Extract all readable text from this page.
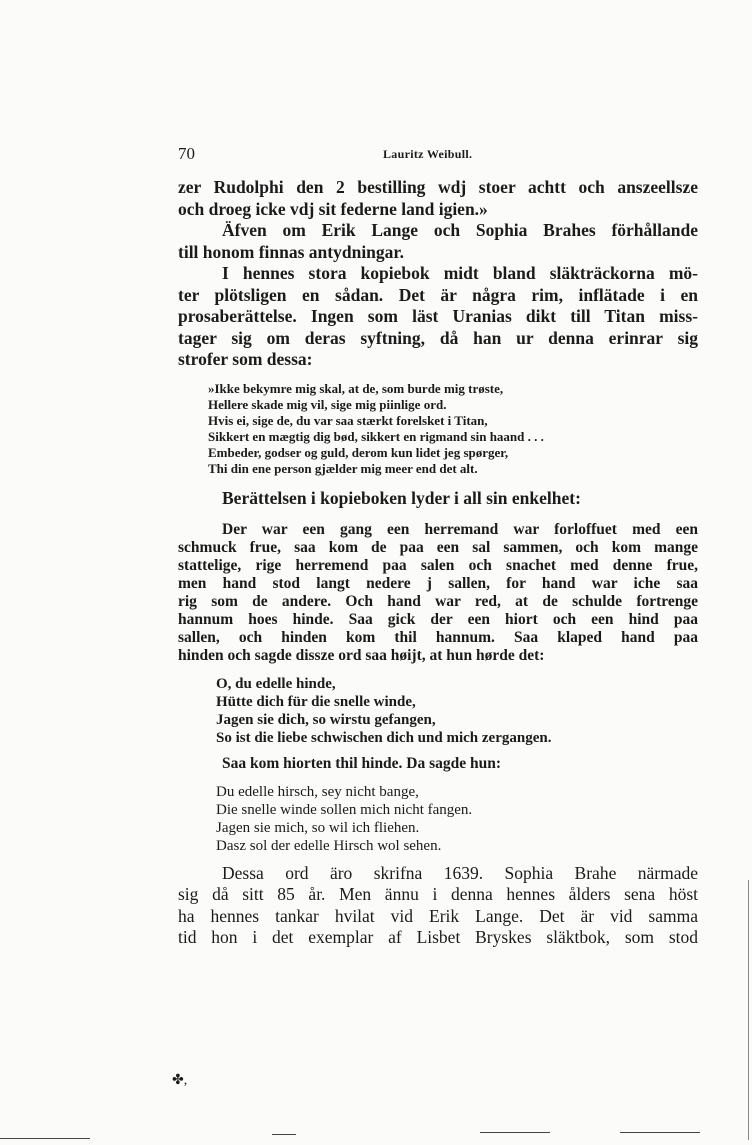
70	Lauritz Weibull.

zer Rudolphi den 2 bestilling wdj stoer achtt och anszeellsze
och droeg icke vdj sit federne land igien.»

Äfven om Erik Lange och Sophia Brahes förhållande
till honom finnas antydningar.

I hennes stora kopiebok midt bland släkträckorna mö-
ter plötsligen en sådan. Det är några rim, inflätade i en
prosaberättelse. Ingen som läst Uranias dikt till Titan miss-
tager sig om deras syftning, då han ur denna erinrar sig
strofer som dessa:

»Ikke bekymre mig skal, at de, som burde mig trøste,
Hellere skade mig vil, sige mig piinlige ord.
Hvis ei, sige de, du var saa stærkt forelsket i Titan,
Sikkert en mægtig dig bød, sikkert en rigmand sin haand . . .
Embeder, godser og guld, derom kun lidet jeg spørger,
Thi din ene person gjælder mig meer end det alt.

Berättelsen i kopieboken lyder i all sin enkelhet:

Der war een gang een herremand war forloffuet med een
schmuck frue, saa kom de paa een sal sammen, och kom mange
stattelige, rige herremend paa salen och snachet med denne frue,
men hand stod langt nedere j sallen, for hand war iche saa
rig som de andere. Och hand war red, at de schulde fortrenge
hannum hoes hinde. Saa gick der een hiort och een hind paa
sallen, och hinden kom thil hannum. Saa klaped hand paa
hinden och sagde dissze ord saa høijt, at hun hørde det:
O, du edelle hinde,
Hütte dich für die snelle winde,
Jagen sie dich, so wirstu gefangen,
So ist die liebe schwischen dich und mich zergangen.

Saa kom hiorten thil hinde. Da sagde hun:

Du edelle hirsch, sey nicht bange,
Die snelle winde sollen mich nicht fangen.
Jagen sie mich, so wil ich fliehen.
Dasz sol der edelle Hirsch wol sehen.

Dessa ord äro skrifna 1639. Sophia Brahe närmade
sig då sitt 85 år. Men ännu i denna hennes ålders sena höst
ha hennes tankar hvilat vid Erik Lange. Det är vid samma
tid hon i det exemplar af Lisbet Bryskes släktbok, som stod

✤,
